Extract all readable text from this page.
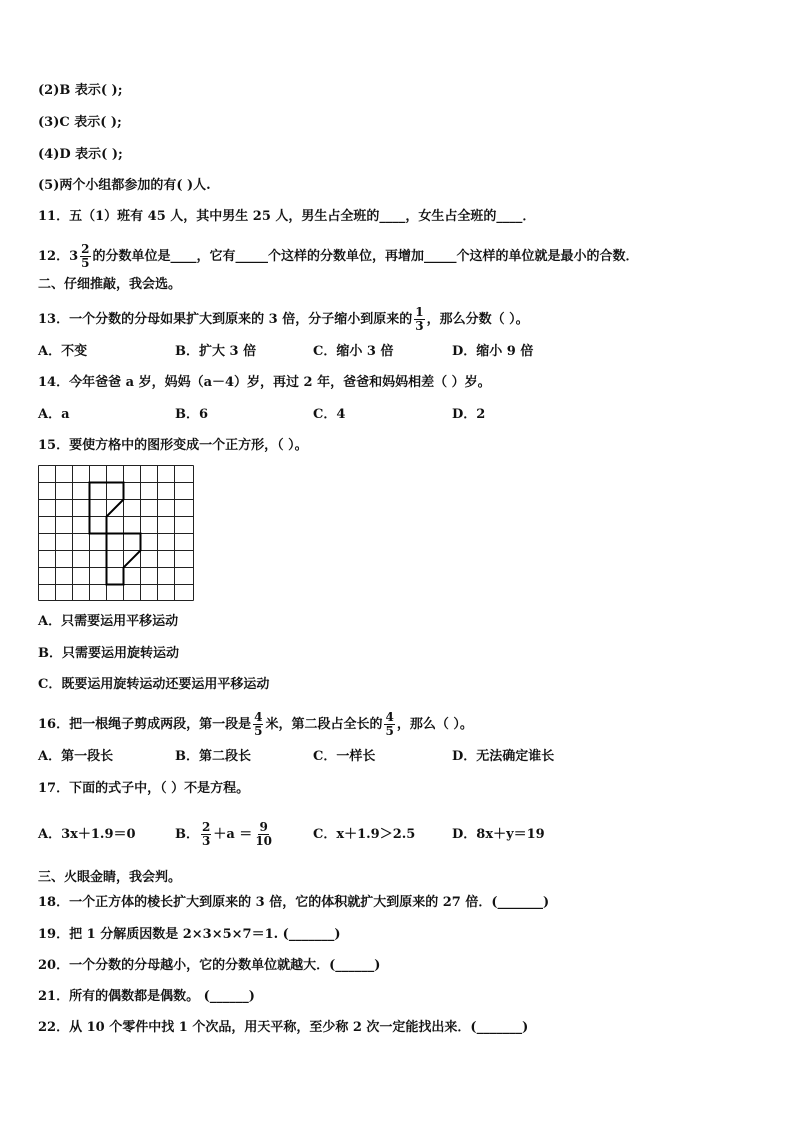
(2)B 表示( );
(3)C 表示( );
(4)D 表示( );
(5)两个小组都参加的有( )人.
11．五（1）班有 45 人，其中男生 25 人，男生占全班的____，女生占全班的____．
12．$3 \frac{2}{5}$ 的分数单位是____，它有_____个这样的分数单位，再增加_____个这样的单位就是最小的合数．
二、仔细推敲，我会选。
13．一个分数的分母如果扩大到原来的 3 倍，分子缩小到原来的 $\frac{1}{3}$ ，那么分数（ ）。
A．不变	B．扩大 3 倍	C．缩小 3 倍	D．缩小 9 倍
14．今年爸爸 a 岁，妈妈（a－4）岁，再过 2 年，爸爸和妈妈相差（ ）岁。
A．a	B．6	C．4	D．2
15．要使方格中的图形变成一个正方形，（ ）。
A．只需要运用平移运动
B．只需要运用旋转运动
C．既要运用旋转运动还要运用平移运动
16．把一根绳子剪成两段，第一段是 $\frac{4}{5}$ 米，第二段占全长的 $\frac{4}{5}$ ，那么（ ）。
A．第一段长	B．第二段长	C．一样长	D．无法确定谁长
17．下面的式子中，（ ）不是方程。
A．3x＋1.9＝0	B． $\frac{2}{3} +a = \frac{9}{10}$	C．x＋1.9＞2.5	D．8x＋y＝19
三、火眼金睛，我会判。
18．一个正方体的棱长扩大到原来的 3 倍，它的体积就扩大到原来的 27 倍．(_______)
19．把 1 分解质因数是 2×3×5×7＝1. (_______)
20．一个分数的分母越小，它的分数单位就越大．(______)
21．所有的偶数都是偶数。 (______)
22．从 10 个零件中找 1 个次品，用天平称，至少称 2 次一定能找出来．(_______)
